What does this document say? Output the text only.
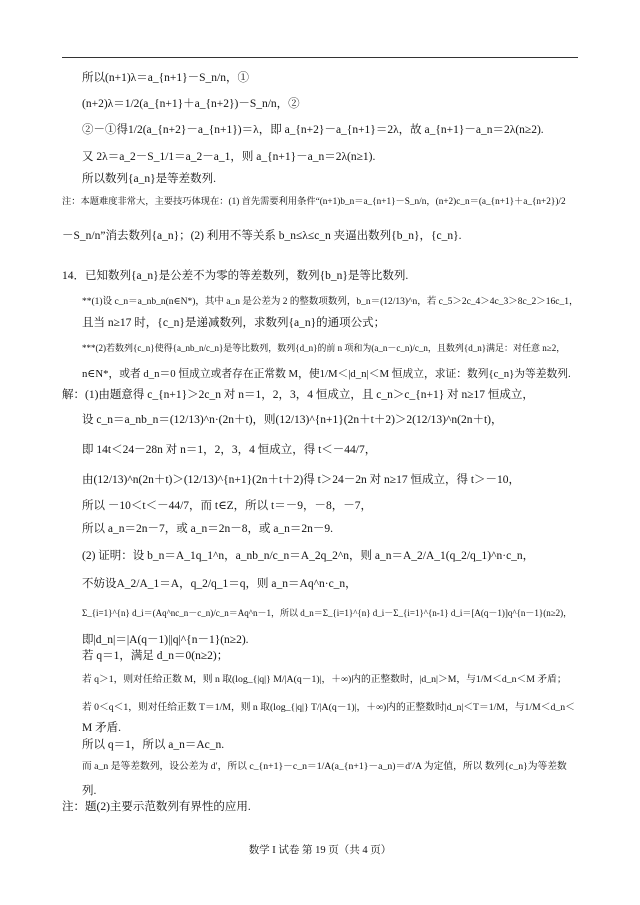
所以(n+1)λ＝a_{n+1}－S_n/n，①
(n+2)λ＝1/2(a_{n+1}＋a_{n+2})－S_n/n，②
②－①得1/2(a_{n+2}－a_{n+1})＝λ，即 a_{n+2}－a_{n+1}＝2λ，故 a_{n+1}－a_n＝2λ(n≥2).
又 2λ＝a_2－S_1/1＝a_2－a_1，则 a_{n+1}－a_n＝2λ(n≥1).
所以数列{a_n}是等差数列.
注：本题难度非常大，主要技巧体现在：(1) 首先需要利用条件“(n+1)b_n＝a_{n+1}－S_n/n，(n+2)c_n＝(a_{n+1}＋a_{n+2})/2
－S_n/n”消去数列{a_n}；(2) 利用不等关系 b_n≤λ≤c_n 夹逼出数列{b_n}，{c_n}.
14．已知数列{a_n}是公差不为零的等差数列，数列{b_n}是等比数列.
**(1)设 c_n＝a_nb_n(n∈N*)，其中 a_n 是公差为 2 的整数项数列，b_n＝(12/13)^n，若 c_5＞2c_4＞4c_3＞8c_2＞16c_1，
且当 n≥17 时，{c_n}是递减数列，求数列{a_n}的通项公式；
***(2)若数列{c_n}使得{a_nb_n/c_n}是等比数列，数列{d_n}的前 n 项和为(a_n－c_n)/c_n，且数列{d_n}满足：对任意 n≥2，
n∈N*，或者 d_n＝0 恒成立或者存在正常数 M，使1/M＜|d_n|＜M 恒成立，求证：数列{c_n}为等差数列.
解：(1)由题意得 c_{n+1}＞2c_n 对 n＝1，2，3，4 恒成立，且 c_n＞c_{n+1} 对 n≥17 恒成立，
设 c_n＝a_nb_n＝(12/13)^n·(2n＋t)，则(12/13)^{n+1}(2n＋t＋2)＞2(12/13)^n(2n＋t)，
即 14t＜24－28n 对 n＝1，2，3，4 恒成立，得 t＜－44/7，
由(12/13)^n(2n＋t)＞(12/13)^{n+1}(2n＋t＋2)得 t＞24－2n 对 n≥17 恒成立，得 t＞－10，
所以 －10＜t＜－44/7，而 t∈Z，所以 t＝－9，－8，－7，
所以 a_n＝2n－7，或 a_n＝2n－8，或 a_n＝2n－9.
(2) 证明：设 b_n＝A_1q_1^n，a_nb_n/c_n＝A_2q_2^n，则 a_n＝A_2/A_1(q_2/q_1)^n·c_n，
不妨设A_2/A_1＝A，q_2/q_1＝q，则 a_n＝Aq^n·c_n，
Σ_{i=1}^{n} d_i＝(Aq^nc_n－c_n)/c_n＝Aq^n－1，所以 d_n＝Σ_{i=1}^{n} d_i－Σ_{i=1}^{n-1} d_i＝[A(q－1)]q^{n－1}(n≥2)，
即|d_n|＝|A(q－1)||q|^{n－1}(n≥2).
若 q＝1，满足 d_n＝0(n≥2)；
若 q＞1，则对任给正数 M，则 n 取(log_{|q|} M/|A(q－1)|，＋∞)内的正整数时，|d_n|＞M，与1/M＜d_n＜M 矛盾；
若 0＜q＜1，则对任给正数 T＝1/M，则 n 取(log_{|q|} T/|A(q－1)|，＋∞)内的正整数时|d_n|＜T＝1/M，与1/M＜d_n＜
M 矛盾.
所以 q＝1，所以 a_n＝Ac_n.
而 a_n 是等差数列，设公差为 d′，所以 c_{n+1}－c_n＝1/A(a_{n+1}－a_n)＝d′/A 为定值，所以 数列{c_n}为等差数
列.
注：题(2)主要示范数列有界性的应用.
数学 I 试卷 第 19 页（共 4 页）
